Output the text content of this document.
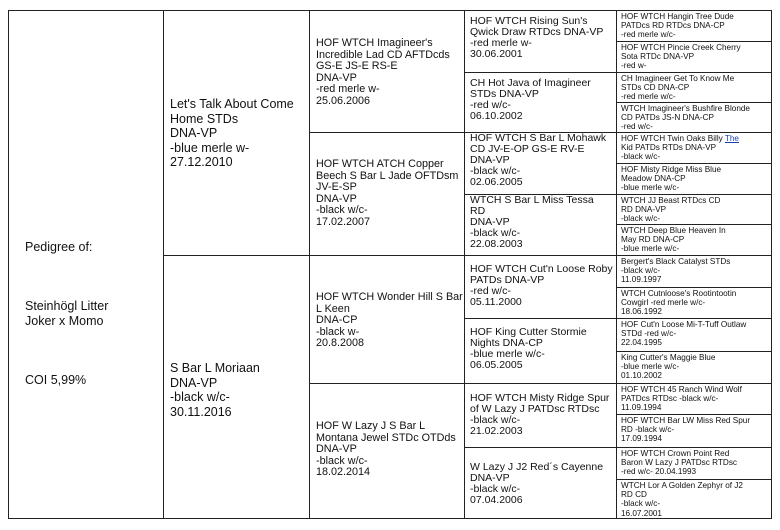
Pedigree of:

Steinhögl Litter
Joker x Momo

COI 5,99%

Let's Talk About Come
Home STDs
DNA-VP
-blue merle w-
27.12.2010
S Bar L Moriaan
DNA-VP
-black w/c-
30.11.2016
HOF WTCH Imagineer's
Incredible Lad CD AFTDcds
GS-E JS-E RS-E
DNA-VP
-red merle w-
25.06.2006
HOF WTCH ATCH Copper
Beech S Bar L Jade OFTDsm
JV-E-SP
DNA-VP
-black w/c-
17.02.2007
HOF WTCH Wonder Hill S Bar
L Keen
DNA-CP
-black w-
20.8.2008
HOF W Lazy J S Bar L
Montana Jewel STDc OTDds
DNA-VP
-black w/c-
18.02.2014
HOF WTCH Rising Sun's
Qwick Draw RTDcs DNA-VP
-red merle w-
30.06.2001
CH Hot Java of Imagineer
STDs DNA-VP
-red w/c-
06.10.2002
HOF WTCH S Bar L Mohawk
CD JV-E-OP GS-E RV-E
DNA-VP
-black w/c-
02.06.2005
WTCH S Bar L Miss Tessa
RD
DNA-VP
-black w/c-
22.08.2003
HOF WTCH Cut'n Loose Roby
PATDs DNA-VP
-red w/c-
05.11.2000
HOF King Cutter Stormie
Nights DNA-CP
-blue merle w/c-
06.05.2005
HOF WTCH Misty Ridge Spur
of W Lazy J PATDsc RTDsc
-black w/c-
21.02.2003
W Lazy J J2 Red´s Cayenne
DNA-VP
-black w/c-
07.04.2006
HOF WTCH Hangin Tree Dude
PATDcs RD RTDcs DNA-CP
-red merle w/c-
HOF WTCH Pincie Creek Cherry
Sota RTDc DNA-VP
-red w-
CH Imagineer Get To Know Me
STDs CD DNA-CP
-red merle w/c-
WTCH Imagineer's Bushfire Blonde
CD PATDs JS-N DNA-CP
-red w/c-
HOF WTCH Twin Oaks Billy The
Kid PATDs RTDs DNA-VP
-black w/c-
HOF Misty Ridge Miss Blue
Meadow DNA-CP
-blue merle w/c-
WTCH JJ Beast RTDcs CD
RD DNA-VP
-black w/c-
WTCH Deep Blue Heaven In
May RD DNA-CP
-blue merle w/c-
Bergert's Black Catalyst STDs
-black w/c-
11.09.1997
WTCH Cutnloose's Rootintootin
Cowgirl -red merle w/c-
18.06.1992
HOF Cut'n Loose Mi-T-Tuff Outlaw
STDd -red w/c-
22.04.1995
King Cutter's Maggie Blue
-blue merle w/c-
01.10.2002
HOF WTCH 45 Ranch Wind Wolf
PATDcs RTDsc -black w/c-
11.09.1994
HOF WTCH Bar LW Miss Red Spur
RD -black w/c-
17.09.1994
HOF WTCH Crown Point Red
Baron W Lazy J PATDsc RTDsc
-red w/c- 20.04.1993
WTCH Lor A Golden Zephyr of J2
RD CD
-black w/c-
16.07.2001
